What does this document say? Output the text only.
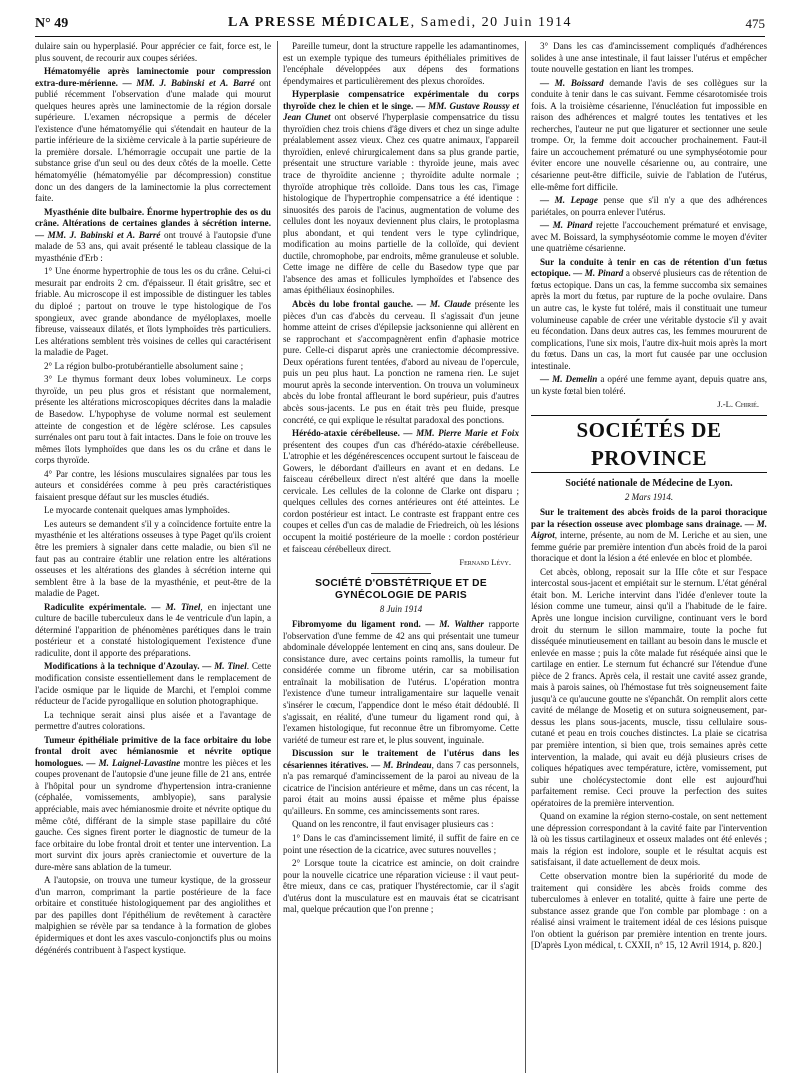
N° 49	LA PRESSE MÉDICALE, Samedi, 20 Juin 1914	475

dulaire sain ou hyperplasié. Pour apprécier ce fait, force est, le plus souvent, de recourir aux coupes sériées.

Hématomyélie après laminectomie pour compression extra-dure-mérienne. — MM. J. Babinski et A. Barré ont publié récemment l'observation d'une malade qui mourut quelques heures après une laminectomie de la région dorsale supérieure. L'examen nécropsique a permis de déceler l'existence d'une hématomyélie qui s'étendait en hauteur de la partie inférieure de la sixième cervicale à la partie supérieure de la première dorsale. L'hémorragie occupait une partie de la substance grise d'un seul ou des deux côtés de la moelle. Cette hématomyélie (hématomyélie par décompression) constitue donc un des dangers de la laminectomie la plus correctement faite.

Myasthénie dite bulbaire. Énorme hypertrophie des os du crâne. Altérations de certaines glandes à sécrétion interne. — MM. J. Babinski et A. Barré ont trouvé à l'autopsie d'une malade de 53 ans, qui avait présenté le tableau classique de la myasthénie d'Erb :

1° Une énorme hypertrophie de tous les os du crâne. Celui-ci mesurait par endroits 2 cm. d'épaisseur. Il était grisâtre, sec et friable. Au microscope il est impossible de distinguer les tables du diploé ; partout on trouve le type histologique de l'os spongieux, avec grande abondance de myéloplaxes, moelle fibreuse, vaisseaux dilatés, et îlots lymphoïdes très particuliers. Les altérations semblent très voisines de celles qui caractérisent la maladie de Paget.

2° La région bulbo-protubérantielle absolument saine ;

3° Le thymus formant deux lobes volumineux. Le corps thyroïde, un peu plus gros et résistant que normalement, présente les altérations microscopiques décrites dans la maladie de Basedow. L'hypophyse de volume normal est seulement atteinte de congestion et de légère sclérose. Les capsules surrénales ont paru tout à fait intactes. Dans le foie on trouve les mêmes îlots lymphoïdes que dans les os du crâne et dans le corps thyroïde.

4° Par contre, les lésions musculaires signalées par tous les auteurs et considérées comme à peu près caractéristiques faisaient presque défaut sur les muscles étudiés.

Le myocarde contenait quelques amas lymphoïdes.

Les auteurs se demandent s'il y a coïncidence fortuite entre la myasthénie et les altérations osseuses à type Paget qu'ils croient être les premiers à signaler dans cette maladie, ou bien s'il ne faut pas au contraire établir une relation entre les altérations osseuses et les altérations des glandes à sécrétion interne qui semblent être à la base de la myasthénie, et peut-être de la maladie de Paget.

Radiculite expérimentale. — M. Tinel, en injectant une culture de bacille tuberculeux dans le 4e ventricule d'un lapin, a déterminé l'apparition de phénomènes parétiques dans le train postérieur et a constaté histologiquement l'existence d'une radiculite, dont il apporte des préparations.

Modifications à la technique d'Azoulay. — M. Tinel. Cette modification consiste essentiellement dans le remplacement de l'acide osmique par le liquide de Marchi, et l'emploi comme réducteur de l'acide pyrogallique en solution photographique.

La technique serait ainsi plus aisée et a l'avantage de permettre d'autres colorations.

Tumeur épithéliale primitive de la face orbitaire du lobe frontal droit avec hémianosmie et névrite optique homologues. — M. Laignel-Lavastine montre les pièces et les coupes provenant de l'autopsie d'une jeune fille de 21 ans, entrée à l'hôpital pour un syndrome d'hypertension intra-cranienne (céphalée, vomissements, amblyopie), sans paralysie appréciable, mais avec hémianosmie droite et névrite optique du même côté, différant de la simple stase papillaire du côté gauche. Ces signes firent porter le diagnostic de tumeur de la face orbitaire du lobe frontal droit et tenter une intervention. La mort survint dix jours après craniectomie et ouverture de la dure-mère sans ablation de la tumeur.

A l'autopsie, on trouva une tumeur kystique, de la grosseur d'un marron, comprimant la partie postérieure de la face orbitaire et constituée histologiquement par des angiolithes et par des papilles dont l'épithélium de revêtement à caractère malpighien se révèle par sa tendance à la formation de globes épidermiques et dont les axes vasculo-conjonctifs plus ou moins dégénérés contribuent à l'aspect kystique.

Pareille tumeur, dont la structure rappelle les adamantinomes, est un exemple typique des tumeurs épithéliales primitives de l'encéphale développées aux dépens des formations épendymaires et particulièrement des plexus choroïdes.

Hyperplasie compensatrice expérimentale du corps thyroïde chez le chien et le singe. — MM. Gustave Roussy et Jean Clunet ont observé l'hyperplasie compensatrice du tissu thyroïdien chez trois chiens d'âge divers et chez un singe adulte préalablement assez vieux. Chez ces quatre animaux, l'appareil thyroïdien, enlevé chirurgicalement dans sa plus grande partie, présentait une structure variable : thyroïde jeune, mais avec trace de thyroïdite ancienne ; thyroïdite adulte normale ; thyroïde atrophique très colloïde. Dans tous les cas, l'image histologique de l'hypertrophie compensatrice a été identique : sinuosités des parois de l'acinus, augmentation de volume des cellules dont les noyaux deviennent plus clairs, le protoplasma plus abondant, et qui tendent vers le type cylindrique, modification au moins partielle de la colloïde, qui devient ductile, chromophobe, par endroits, même granuleuse et soluble. Cette image ne diffère de celle du Basedow type que par l'absence des amas et follicules lymphoïdes et l'absence des amas épithéliaux éosinophiles.

Abcès du lobe frontal gauche. — M. Claude présente les pièces d'un cas d'abcès du cerveau. Il s'agissait d'un jeune homme atteint de crises d'épilepsie jacksonienne qui allèrent en se rapprochant et s'accompagnèrent enfin d'aphasie motrice pure. Celle-ci disparut après une craniectomie décompressive. Deux opérations furent tentées, d'abord au niveau de l'opercule, puis un peu plus haut. La ponction ne ramena rien. Le sujet mourut après la seconde intervention. On trouva un volumineux abcès du lobe frontal affleurant le bord supérieur, puis d'autres abcès sous-jacents. Le pus en était très peu fluide, presque concrété, ce qui explique le résultat paradoxal des ponctions.

Hérédo-ataxie cérébelleuse. — MM. Pierre Marie et Foix présentent des coupes d'un cas d'hérédo-ataxie cérébelleuse. L'atrophie et les dégénérescences occupent surtout le faisceau de Gowers, le débordant d'ailleurs en avant et en dedans. Le faisceau cérébelleux direct n'est altéré que dans la moelle cervicale. Les cellules de la colonne de Clarke ont disparu ; quelques cellules des cornes antérieures ont été atteintes. Le cordon postérieur est intact. Le contraste est frappant entre ces coupes et celles d'un cas de maladie de Friedreich, où les lésions occupent la moitié postérieure de la moelle : cordon postérieur et faisceau cérébelleux direct.

Fernand Lévy.
SOCIÉTÉ D'OBSTÉTRIQUE ET DE GYNÉCOLOGIE DE PARIS
8 Juin 1914

Fibromyome du ligament rond. — M. Walther rapporte l'observation d'une femme de 42 ans qui présentait une tumeur abdominale développée lentement en cinq ans, sans douleur. De consistance dure, avec certains points ramollis, la tumeur fut considérée comme un fibrome utérin, car sa mobilisation entraînait la mobilisation de l'utérus. L'opération montra l'existence d'une tumeur intraligamentaire sur laquelle venait s'insérer le cœcum, l'appendice dont le méso était dédoublé. Il s'agissait, en réalité, d'une tumeur du ligament rond qui, à l'examen histologique, fut reconnue être un fibromyome. Cette variété de tumeur est rare et, le plus souvent, inguinale.

Discussion sur le traitement de l'utérus dans les césariennes itératives. — M. Brindeau, dans 7 cas personnels, n'a pas remarqué d'amincissement de la paroi au niveau de la cicatrice de l'incision antérieure et même, dans un cas récent, la paroi était au moins aussi épaisse et même plus épaisse qu'ailleurs. En somme, ces amincissements sont rares.

Quand on les rencontre, il faut envisager plusieurs cas :

1° Dans le cas d'amincissement limité, il suffit de faire en ce point une résection de la cicatrice, avec sutures nouvelles ;

2° Lorsque toute la cicatrice est amincie, on doit craindre pour la nouvelle cicatrice une réparation vicieuse : il vaut peut-être mieux, dans ce cas, pratiquer l'hystérectomie, car il s'agit d'utérus dont la musculature est en mauvais état se cicatrisant mal, quelque précaution que l'on prenne ;

3° Dans les cas d'amincissement compliqués d'adhérences solides à une anse intestinale, il faut laisser l'utérus et empêcher toute nouvelle gestation en liant les trompes.

— M. Boissard demande l'avis de ses collègues sur la conduite à tenir dans le cas suivant. Femme césarotomisée trois fois. A la troisième césarienne, l'énucléation fut impossible en raison des adhérences et malgré toutes les tentatives et les recherches, l'auteur ne put que ligaturer et sectionner une seule trompe. Or, la femme doit accoucher prochainement. Faut-il faire un accouchement prématuré ou une symphyséotomie pour éviter encore une nouvelle césarienne ou, au contraire, une césarienne peut-être difficile, suivie de l'ablation de l'utérus, elle-même fort difficile.

— M. Lepage pense que s'il n'y a que des adhérences pariétales, on pourra enlever l'utérus.

— M. Pinard rejette l'accouchement prématuré et envisage, avec M. Boissard, la symphyséotomie comme le moyen d'éviter une quatrième césarienne.

Sur la conduite à tenir en cas de rétention d'un fœtus ectopique. — M. Pinard a observé plusieurs cas de rétention de fœtus ectopique. Dans un cas, la femme succomba six semaines après la mort du fœtus, par rupture de la poche ovulaire. Dans un autre cas, le kyste fut toléré, mais il constituait une tumeur volumineuse capable de créer une véritable dystocie s'il y avait eu fécondation. Dans deux autres cas, les femmes moururent de complications, l'une six mois, l'autre dix-huit mois après la mort du fœtus. Dans un cas, la mort fut causée par une occlusion intestinale.

— M. Demelin a opéré une femme ayant, depuis quatre ans, un kyste fœtal bien toléré.

J.-L. Chirié.
SOCIÉTÉS DE PROVINCE
Société nationale de Médecine de Lyon.
2 Mars 1914.

Sur le traitement des abcès froids de la paroi thoracique par la résection osseuse avec plombage sans drainage. — M. Aigrot, interne, présente, au nom de M. Leriche et au sien, une femme guérie par première intention d'un abcès froid de la paroi thoracique et dont la lésion a été enlevée en bloc et plombée.

Cet abcès, oblong, reposait sur la IIIe côte et sur l'espace intercostal sous-jacent et empiétait sur le sternum. L'état général était bon. M. Leriche intervint dans l'idée d'enlever toute la lésion comme une tumeur, ainsi qu'il a l'habitude de le faire. Après une longue incision curviligne, continuant vers le bord droit du sternum le sillon mammaire, toute la poche fut disséquée minutieusement en taillant au besoin dans le muscle et enlevée en masse ; puis la côte malade fut réséquée ainsi que le cartilage en entier. Le sternum fut échancré sur l'étendue d'une pièce de 2 francs. Après cela, il restait une cavité assez grande, mais à parois saines, où l'hémostase fut très soigneusement faite jusqu'à ce qu'aucune goutte ne s'épanchât. On remplit alors cette cavité de mélange de Mosetig et on sutura soigneusement, par-dessus les plans sous-jacents, muscle, tissu cellulaire sous-cutané et peau en trois couches distinctes. La plaie se cicatrisa par première intention, si bien que, trois semaines après cette intervention, la malade, qui avait eu déjà plusieurs crises de coliques hépatiques avec température, ictère, vomissement, put subir une cholécystectomie dont elle est aujourd'hui parfaitement remise. Ceci prouve la perfection des suites opératoires de la première intervention.

Quand on examine la région sterno-costale, on sent nettement une dépression correspondant à la cavité faite par l'intervention là où les tissus cartilagineux et osseux malades ont été enlevés ; mais la région est indolore, souple et le résultat acquis est satisfaisant, il date actuellement de deux mois.

Cette observation montre bien la supériorité du mode de traitement qui considère les abcès froids comme des tuberculomes à enlever en totalité, quitte à faire une perte de substance assez grande que l'on comble par plombage : on a réalisé ainsi vraiment le traitement idéal de ces lésions puisque l'on obtient la guérison par première intention en trente jours. [D'après Lyon médical, t. CXXII, n° 15, 12 Avril 1914, p. 820.]
